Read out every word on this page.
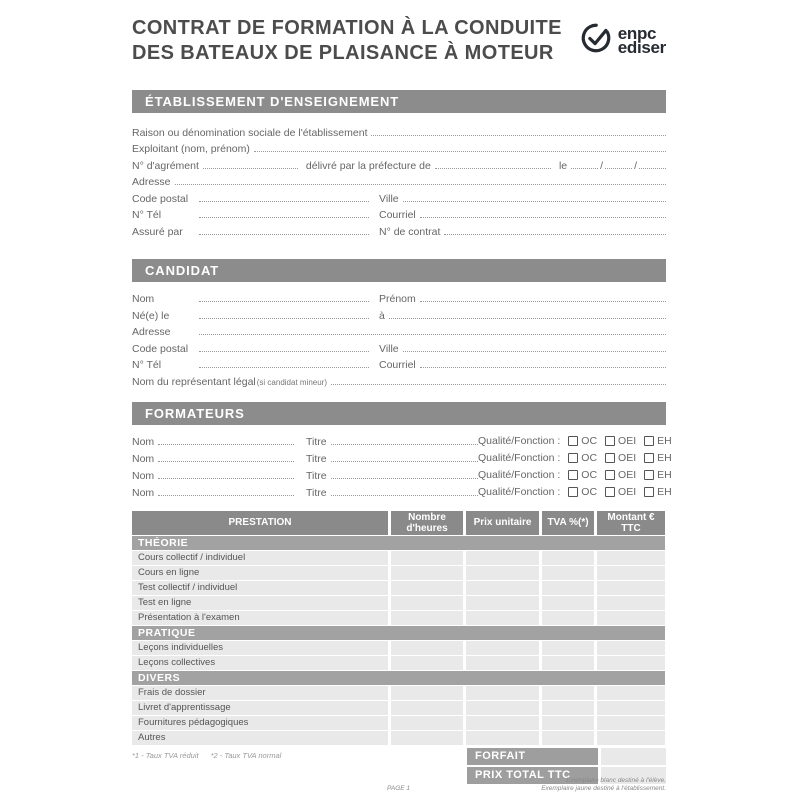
CONTRAT DE FORMATION À LA CONDUITE
DES BATEAUX DE PLAISANCE À MOTEUR
enpc
ediser
ÉTABLISSEMENT D'ENSEIGNEMENT
Raison ou dénomination sociale de l'établissement
Exploitant (nom, prénom)
N° d'agrément	délivré par la préfecture de	le	/	/
Adresse
Code postal	Ville
N° Tél	Courriel
Assuré par	N° de contrat
CANDIDAT
Nom	Prénom
Né(e) le	à
Adresse
Code postal	Ville
N° Tél	Courriel
Nom du représentant légal (si candidat mineur)
FORMATEURS
Nom	Titre	Qualité/Fonction : OC OEI EH
Nom	Titre	Qualité/Fonction : OC OEI EH
Nom	Titre	Qualité/Fonction : OC OEI EH
Nom	Titre	Qualité/Fonction : OC OEI EH
PRESTATION	Nombre d'heures	Prix unitaire	TVA %(*)	Montant € TTC
THÉORIE
Cours collectif / individuel
Cours en ligne
Test collectif / individuel
Test en ligne
Présentation à l'examen
PRATIQUE
Leçons individuelles
Leçons collectives
DIVERS
Frais de dossier
Livret d'apprentissage
Fournitures pédagogiques
Autres
*1 - Taux TVA réduit *2 - Taux TVA normal	FORFAIT
PRIX TOTAL TTC
PAGE 1
Exemplaire blanc destiné à l'élève.
Exemplaire jaune destiné à l'établissement.
